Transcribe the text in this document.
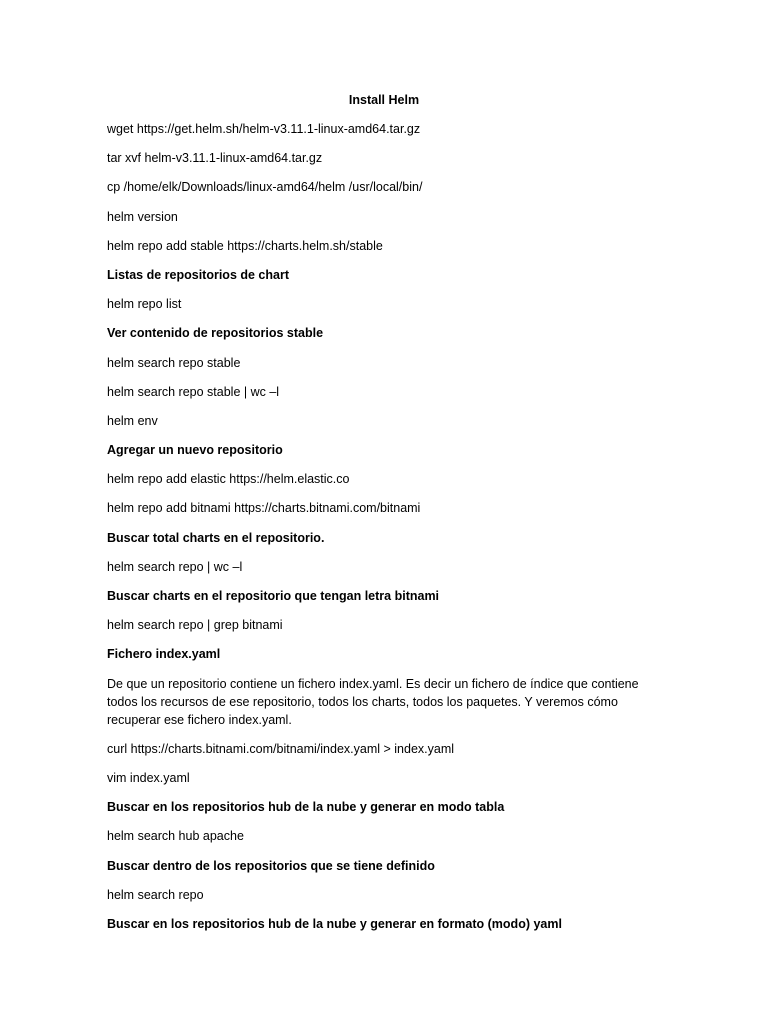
Install Helm

wget https://get.helm.sh/helm-v3.11.1-linux-amd64.tar.gz

tar xvf helm-v3.11.1-linux-amd64.tar.gz

cp /home/elk/Downloads/linux-amd64/helm /usr/local/bin/

helm version

helm repo add stable https://charts.helm.sh/stable

Listas de repositorios de chart

helm repo list

Ver contenido de repositorios stable

helm search repo stable

helm search repo stable | wc –l

helm env

Agregar un nuevo repositorio

helm repo add elastic https://helm.elastic.co

helm repo add bitnami https://charts.bitnami.com/bitnami

Buscar total charts en el repositorio.

helm search repo | wc –l

Buscar charts en el repositorio que tengan letra bitnami

helm search repo | grep bitnami

Fichero index.yaml

De que un repositorio contiene un fichero index.yaml. Es decir un fichero de índice que contiene
todos los recursos de ese repositorio, todos los charts, todos los paquetes. Y veremos cómo
recuperar ese fichero index.yaml.

curl https://charts.bitnami.com/bitnami/index.yaml > index.yaml

vim index.yaml

Buscar en los repositorios hub de la nube y generar en modo tabla

helm search hub apache

Buscar dentro de los repositorios que se tiene definido

helm search repo

Buscar en los repositorios hub de la nube y generar en formato (modo) yaml
